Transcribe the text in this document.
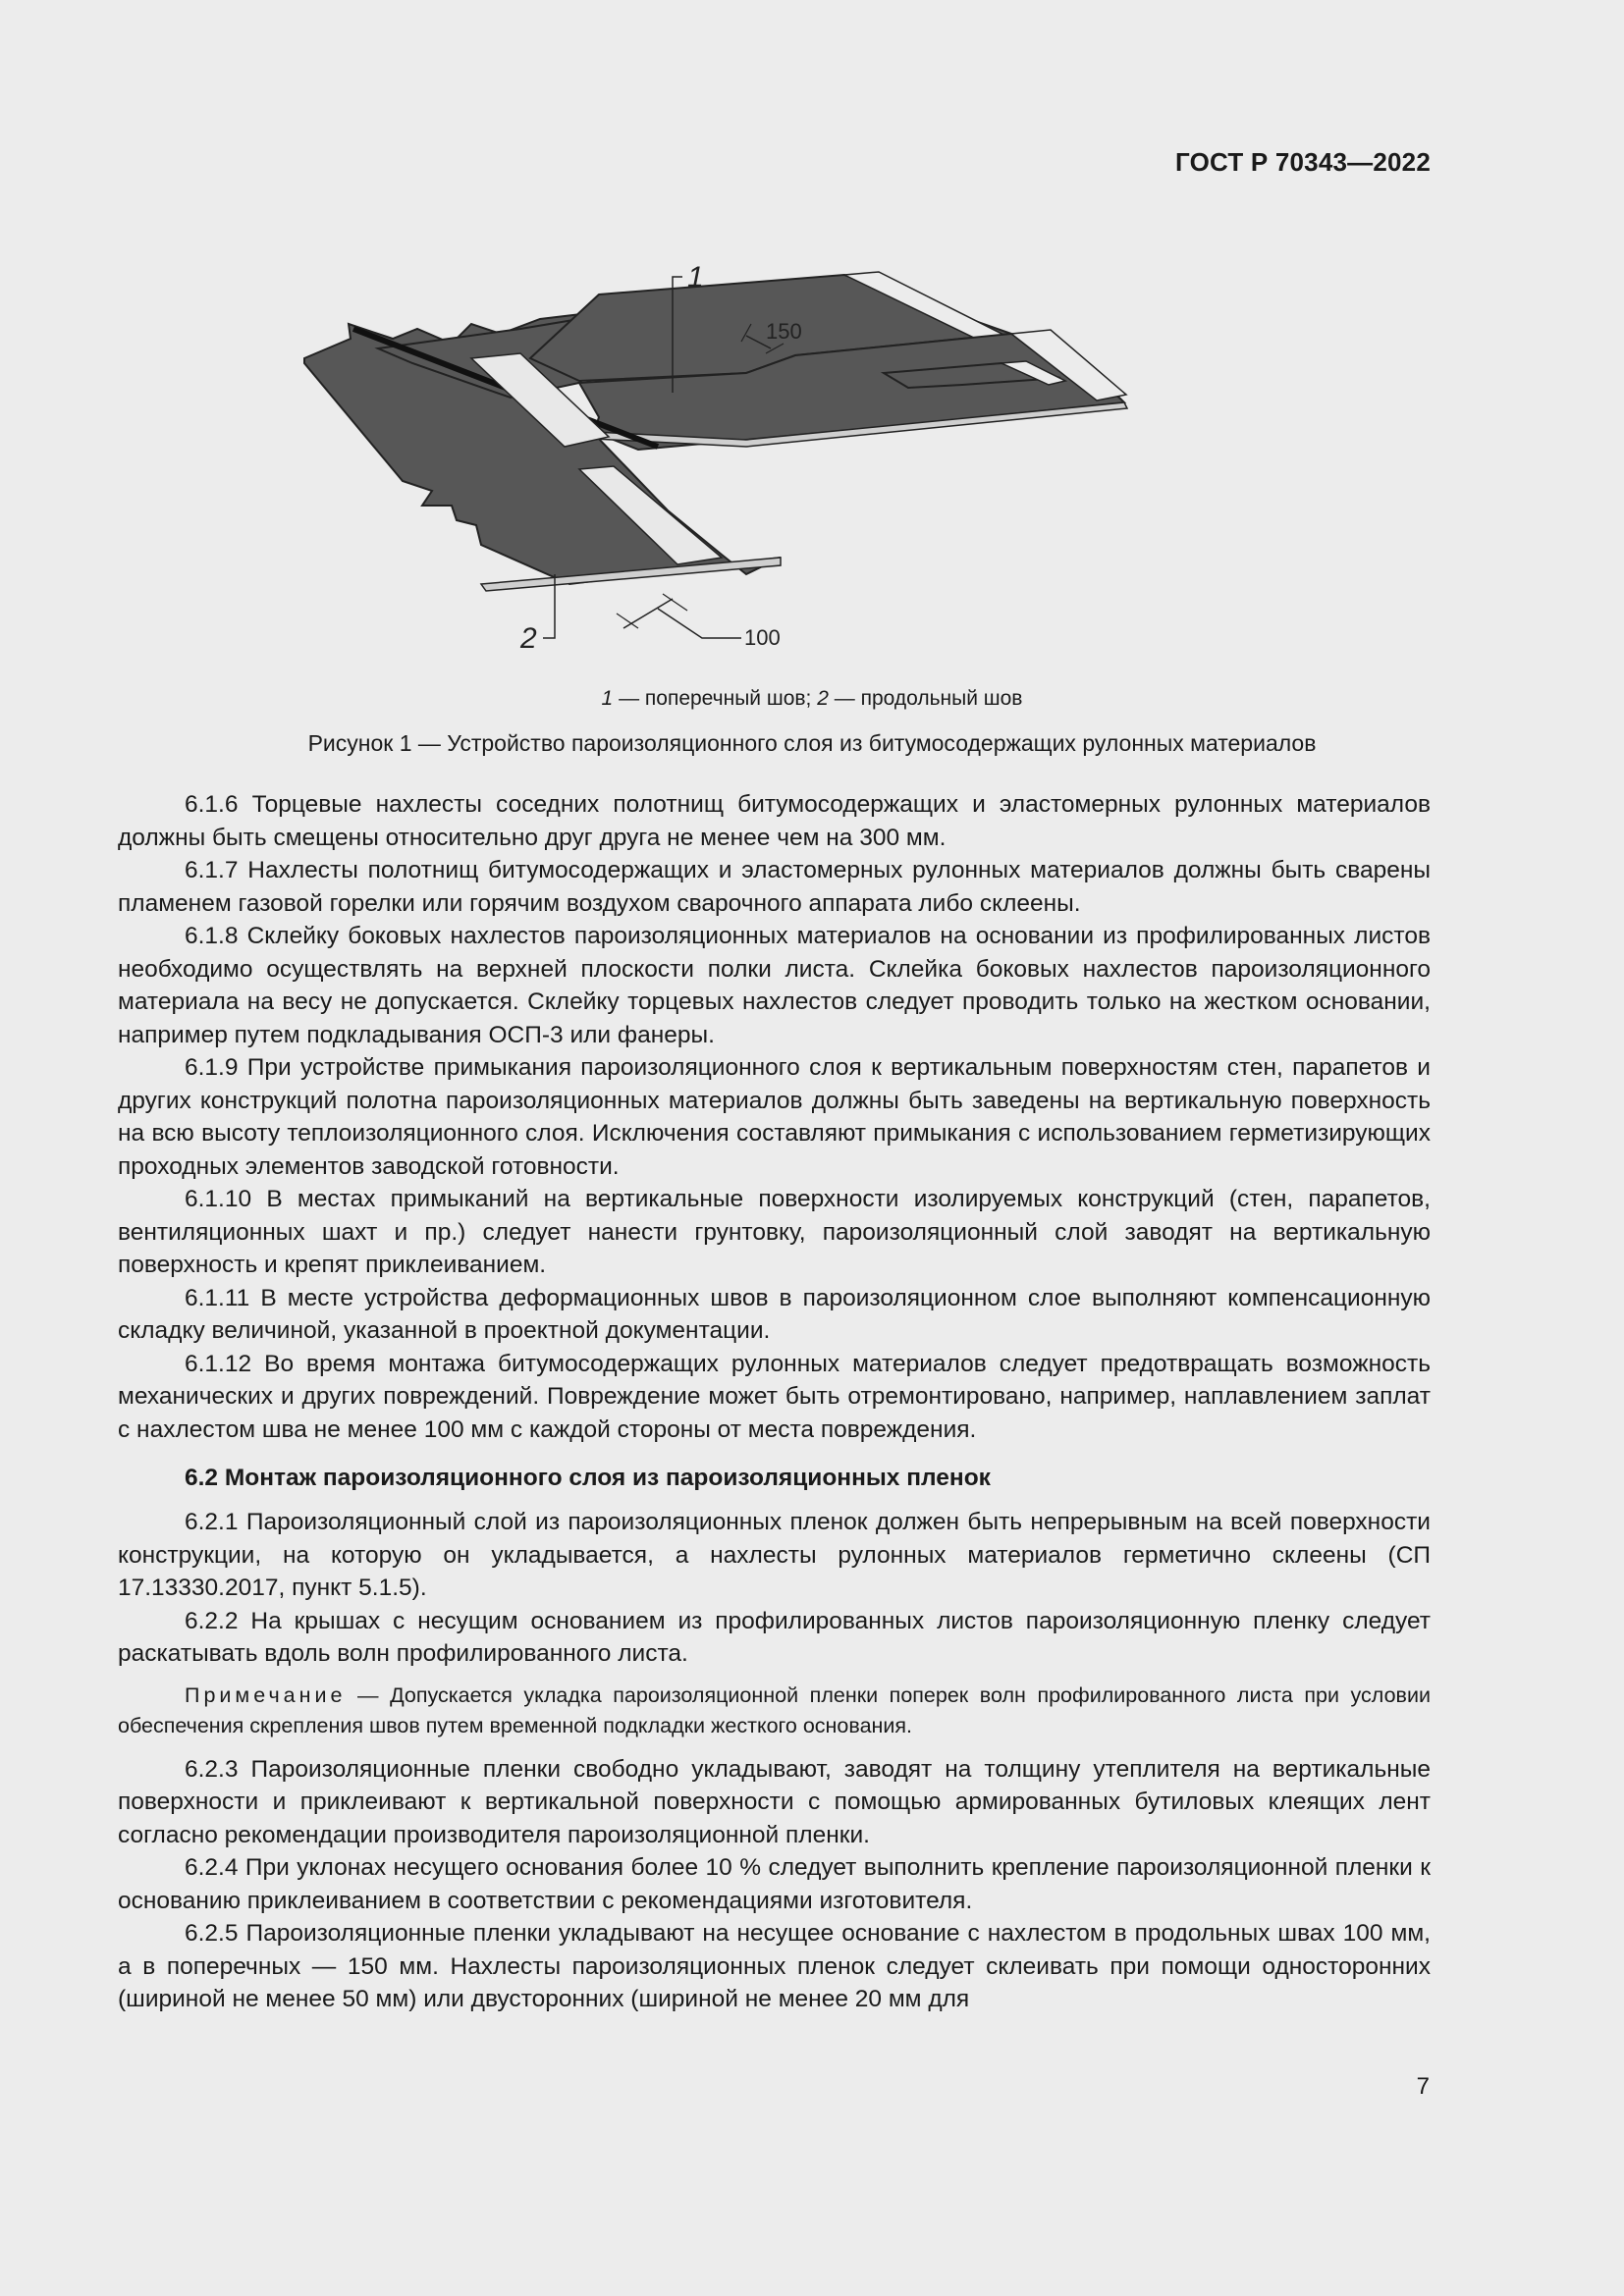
ГОСТ Р 70343—2022
1
150
2	100
1 — поперечный шов; 2 — продольный шов
Рисунок 1 — Устройство пароизоляционного слоя из битумосодержащих рулонных материалов

6.1.6 Торцевые нахлесты соседних полотнищ битумосодержащих и эластомерных рулонных материалов должны быть смещены относительно друг друга не менее чем на 300 мм.

6.1.7 Нахлесты полотнищ битумосодержащих и эластомерных рулонных материалов должны быть сварены пламенем газовой горелки или горячим воздухом сварочного аппарата либо склеены.

6.1.8 Склейку боковых нахлестов пароизоляционных материалов на основании из профилированных листов необходимо осуществлять на верхней плоскости полки листа. Склейка боковых нахлестов пароизоляционного материала на весу не допускается. Склейку торцевых нахлестов следует проводить только на жестком основании, например путем подкладывания ОСП-3 или фанеры.

6.1.9 При устройстве примыкания пароизоляционного слоя к вертикальным поверхностям стен, парапетов и других конструкций полотна пароизоляционных материалов должны быть заведены на вертикальную поверхность на всю высоту теплоизоляционного слоя. Исключения составляют примыкания с использованием герметизирующих проходных элементов заводской готовности.

6.1.10 В местах примыканий на вертикальные поверхности изолируемых конструкций (стен, парапетов, вентиляционных шахт и пр.) следует нанести грунтовку, пароизоляционный слой заводят на вертикальную поверхность и крепят приклеиванием.

6.1.11 В месте устройства деформационных швов в пароизоляционном слое выполняют компенсационную складку величиной, указанной в проектной документации.

6.1.12 Во время монтажа битумосодержащих рулонных материалов следует предотвращать возможность механических и других повреждений. Повреждение может быть отремонтировано, например, наплавлением заплат с нахлестом шва не менее 100 мм с каждой стороны от места повреждения.

6.2 Монтаж пароизоляционного слоя из пароизоляционных пленок

6.2.1 Пароизоляционный слой из пароизоляционных пленок должен быть непрерывным на всей поверхности конструкции, на которую он укладывается, а нахлесты рулонных материалов герметично склеены (СП 17.13330.2017, пункт 5.1.5).

6.2.2 На крышах с несущим основанием из профилированных листов пароизоляционную пленку следует раскатывать вдоль волн профилированного листа.

Примечание — Допускается укладка пароизоляционной пленки поперек волн профилированного листа при условии обеспечения скрепления швов путем временной подкладки жесткого основания.

6.2.3 Пароизоляционные пленки свободно укладывают, заводят на толщину утеплителя на вертикальные поверхности и приклеивают к вертикальной поверхности с помощью армированных бутиловых клеящих лент согласно рекомендации производителя пароизоляционной пленки.

6.2.4 При уклонах несущего основания более 10 % следует выполнить крепление пароизоляционной пленки к основанию приклеиванием в соответствии с рекомендациями изготовителя.

6.2.5 Пароизоляционные пленки укладывают на несущее основание с нахлестом в продольных швах 100 мм, а в поперечных — 150 мм. Нахлесты пароизоляционных пленок следует склеивать при помощи односторонних (шириной не менее 50 мм) или двусторонних (шириной не менее 20 мм для

7
